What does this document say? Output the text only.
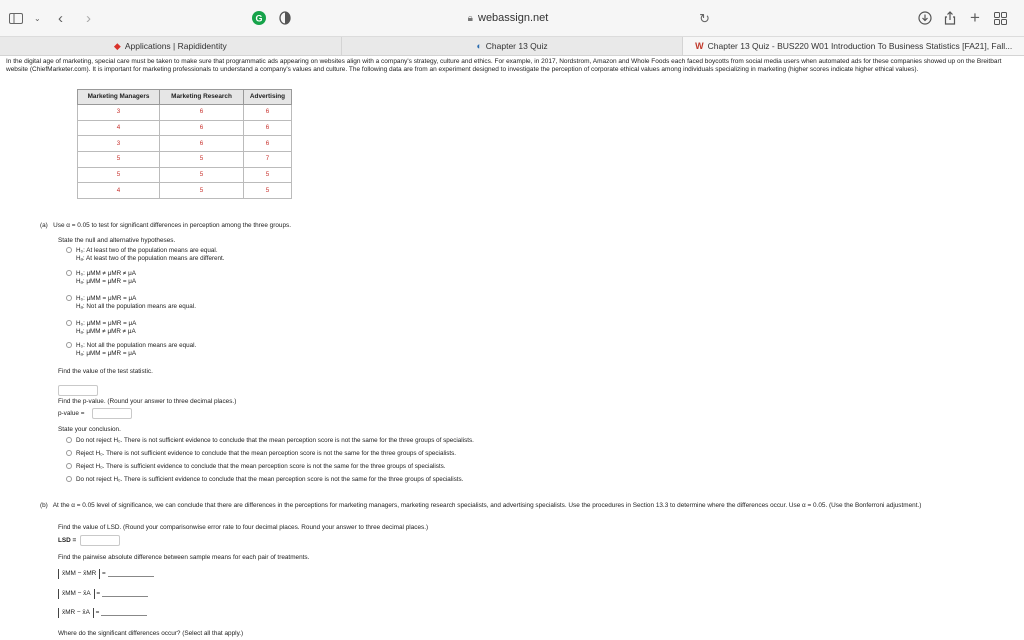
⌄ ‹ ›	G	🔒︎ webassign.net	↻	+
◆ Applications | Rapididentity	◐ Chapter 13 Quiz	W Chapter 13 Quiz - BUS220 W01 Introduction To Business Statistics [FA21], Fall...
In the digital age of marketing, special care must be taken to make sure that programmatic ads appearing on websites align with a company's strategy, culture and ethics. For example, in 2017, Nordstrom, Amazon and Whole Foods each faced boycotts from social media users when automated ads for these companies showed up on the Breitbart website (ChiefMarketer.com). It is important for marketing professionals to understand a company's values and culture. The following data are from an experiment designed to investigate the perception of corporate ethical values among individuals specializing in marketing (higher scores indicate higher ethical values).
Marketing Managers	Marketing Research	Advertising
3	6	6
4	6	6
3	6	6
5	5	7
5	5	5
4	5	5
(a) Use α = 0.05 to test for significant differences in perception among the three groups.
State the null and alternative hypotheses.
H₀: At least two of the population means are equal.
Hₐ: At least two of the population means are different.
H₀: μMM ≠ μMR ≠ μA
Hₐ: μMM = μMR = μA
H₀: μMM = μMR = μA
Hₐ: Not all the population means are equal.
H₀: μMM = μMR = μA
Hₐ: μMM ≠ μMR ≠ μA
H₀: Not all the population means are equal.
Hₐ: μMM = μMR = μA
Find the value of the test statistic.
Find the p-value. (Round your answer to three decimal places.)
p-value =
State your conclusion.
Do not reject H₀. There is not sufficient evidence to conclude that the mean perception score is not the same for the three groups of specialists.
Reject H₀. There is not sufficient evidence to conclude that the mean perception score is not the same for the three groups of specialists.
Reject H₀. There is sufficient evidence to conclude that the mean perception score is not the same for the three groups of specialists.
Do not reject H₀. There is sufficient evidence to conclude that the mean perception score is not the same for the three groups of specialists.
(b) At the α = 0.05 level of significance, we can conclude that there are differences in the perceptions for marketing managers, marketing research specialists, and advertising specialists. Use the procedures in Section 13.3 to determine where the differences occur. Use α = 0.05. (Use the Bonferroni adjustment.)
Find the value of LSD. (Round your comparisonwise error rate to four decimal places. Round your answer to three decimal places.)
LSD =
Find the pairwise absolute difference between sample means for each pair of treatments.
x̄MM − x̄MR =
x̄MM − x̄A =
x̄MR − x̄A =
Where do the significant differences occur? (Select all that apply.)
